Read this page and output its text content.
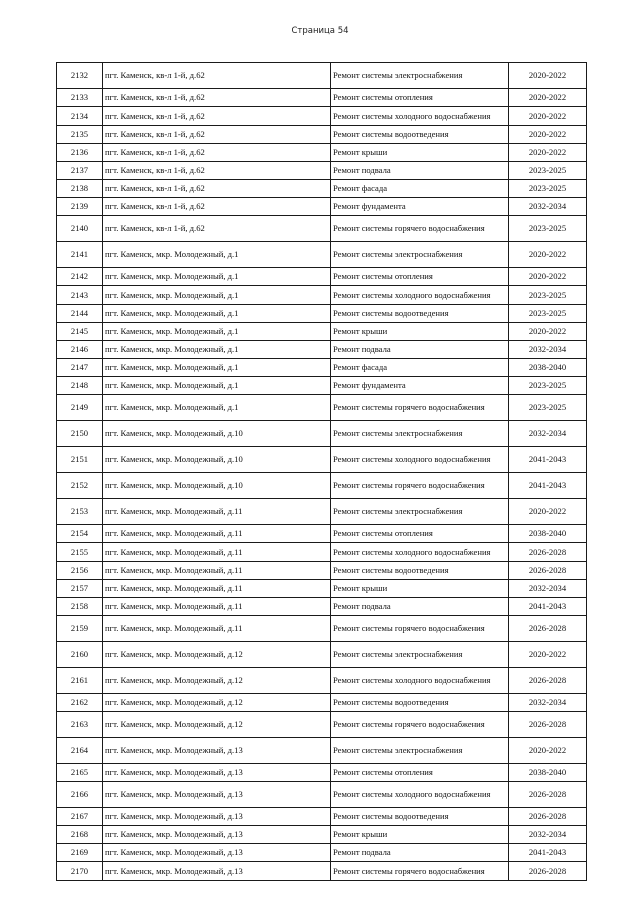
Страница 54
2132	пгт. Каменск, кв-л 1-й, д.62	Ремонт системы электроснабжения	2020-2022
2133	пгт. Каменск, кв-л 1-й, д.62	Ремонт системы отопления	2020-2022
2134	пгт. Каменск, кв-л 1-й, д.62	Ремонт системы холодного водоснабжения	2020-2022
2135	пгт. Каменск, кв-л 1-й, д.62	Ремонт системы водоотведения	2020-2022
2136	пгт. Каменск, кв-л 1-й, д.62	Ремонт крыши	2020-2022
2137	пгт. Каменск, кв-л 1-й, д.62	Ремонт подвала	2023-2025
2138	пгт. Каменск, кв-л 1-й, д.62	Ремонт фасада	2023-2025
2139	пгт. Каменск, кв-л 1-й, д.62	Ремонт фундамента	2032-2034
2140	пгт. Каменск, кв-л 1-й, д.62	Ремонт системы горячего водоснабжения	2023-2025
2141	пгт. Каменск, мкр. Молодежный, д.1	Ремонт системы электроснабжения	2020-2022
2142	пгт. Каменск, мкр. Молодежный, д.1	Ремонт системы отопления	2020-2022
2143	пгт. Каменск, мкр. Молодежный, д.1	Ремонт системы холодного водоснабжения	2023-2025
2144	пгт. Каменск, мкр. Молодежный, д.1	Ремонт системы водоотведения	2023-2025
2145	пгт. Каменск, мкр. Молодежный, д.1	Ремонт крыши	2020-2022
2146	пгт. Каменск, мкр. Молодежный, д.1	Ремонт подвала	2032-2034
2147	пгт. Каменск, мкр. Молодежный, д.1	Ремонт фасада	2038-2040
2148	пгт. Каменск, мкр. Молодежный, д.1	Ремонт фундамента	2023-2025
2149	пгт. Каменск, мкр. Молодежный, д.1	Ремонт системы горячего водоснабжения	2023-2025
2150	пгт. Каменск, мкр. Молодежный, д.10	Ремонт системы электроснабжения	2032-2034
2151	пгт. Каменск, мкр. Молодежный, д.10	Ремонт системы холодного водоснабжения	2041-2043
2152	пгт. Каменск, мкр. Молодежный, д.10	Ремонт системы горячего водоснабжения	2041-2043
2153	пгт. Каменск, мкр. Молодежный, д.11	Ремонт системы электроснабжения	2020-2022
2154	пгт. Каменск, мкр. Молодежный, д.11	Ремонт системы отопления	2038-2040
2155	пгт. Каменск, мкр. Молодежный, д.11	Ремонт системы холодного водоснабжения	2026-2028
2156	пгт. Каменск, мкр. Молодежный, д.11	Ремонт системы водоотведения	2026-2028
2157	пгт. Каменск, мкр. Молодежный, д.11	Ремонт крыши	2032-2034
2158	пгт. Каменск, мкр. Молодежный, д.11	Ремонт подвала	2041-2043
2159	пгт. Каменск, мкр. Молодежный, д.11	Ремонт системы горячего водоснабжения	2026-2028
2160	пгт. Каменск, мкр. Молодежный, д.12	Ремонт системы электроснабжения	2020-2022
2161	пгт. Каменск, мкр. Молодежный, д.12	Ремонт системы холодного водоснабжения	2026-2028
2162	пгт. Каменск, мкр. Молодежный, д.12	Ремонт системы водоотведения	2032-2034
2163	пгт. Каменск, мкр. Молодежный, д.12	Ремонт системы горячего водоснабжения	2026-2028
2164	пгт. Каменск, мкр. Молодежный, д.13	Ремонт системы электроснабжения	2020-2022
2165	пгт. Каменск, мкр. Молодежный, д.13	Ремонт системы отопления	2038-2040
2166	пгт. Каменск, мкр. Молодежный, д.13	Ремонт системы холодного водоснабжения	2026-2028
2167	пгт. Каменск, мкр. Молодежный, д.13	Ремонт системы водоотведения	2026-2028
2168	пгт. Каменск, мкр. Молодежный, д.13	Ремонт крыши	2032-2034
2169	пгт. Каменск, мкр. Молодежный, д.13	Ремонт подвала	2041-2043
2170	пгт. Каменск, мкр. Молодежный, д.13	Ремонт системы горячего водоснабжения	2026-2028
